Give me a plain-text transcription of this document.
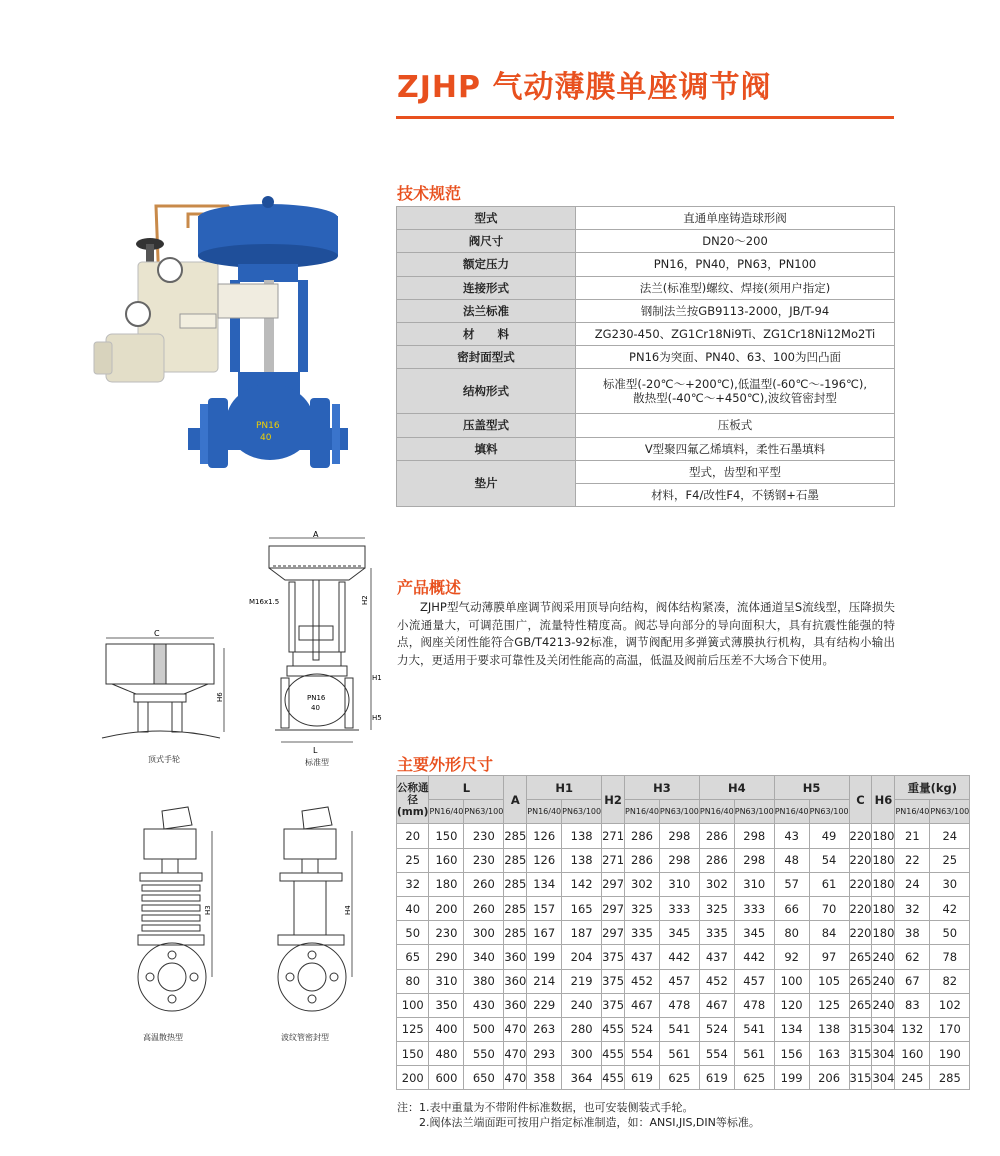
ZJHP 气动薄膜单座调节阀
PN16
40
技术规范
型式	直通单座铸造球形阀
阀尺寸	DN20～200
额定压力	PN16，PN40，PN63，PN100
连接形式	法兰(标准型)螺纹、焊接(须用户指定)
法兰标准	钢制法兰按GB9113-2000，JB/T-94
材　　料	ZG230-450、ZG1Cr18Ni9Ti、ZG1Cr18Ni12Mo2Ti
密封面型式	PN16为突面、PN40、63、100为凹凸面
结构形式	标准型(-20℃～+200℃),低温型(-60℃～-196℃),
散热型(-40℃～+450℃),波纹管密封型

压盖型式	压板式
填料	V型聚四氟乙烯填料，柔性石墨填料
垫片	型式，齿型和平型
	材料，F4/改性F4，不锈钢+石墨
产品概述

ZJHP型气动薄膜单座调节阀采用顶导向结构，阀体结构紧凑，流体通道呈S流线型，压降损失小流通量大，可调范围广，流量特性精度高。阀芯导向部分的导向面积大，具有抗震性能强的特点，阀座关闭性能符合GB/T4213-92标准，调节阀配用多弹簧式薄膜执行机构，具有结构小输出力大，更适用于要求可靠性及关闭性能高的高温，低温及阀前后压差不大场合下使用。

A
L
PN16
40
H2
H1
H5
M16x1.5
标准型
C
H6
顶式手轮
H3
高温散热型
H4
波纹管密封型
主要外形尺寸
公称通径(mm)	L		A	H1		H2	H3		H4		H5		C	H6	重量(kg)	
	PN16/40	PN63/100		PN16/40	PN63/100		PN16/40	PN63/100	PN16/40	PN63/100	PN16/40	PN63/100			PN16/40	PN63/100
20	150	230	285	126	138	271	286	298	286	298	43	49	220	180	21	24
25	160	230	285	126	138	271	286	298	286	298	48	54	220	180	22	25
32	180	260	285	134	142	297	302	310	302	310	57	61	220	180	24	30
40	200	260	285	157	165	297	325	333	325	333	66	70	220	180	32	42
50	230	300	285	167	187	297	335	345	335	345	80	84	220	180	38	50
65	290	340	360	199	204	375	437	442	437	442	92	97	265	240	62	78
80	310	380	360	214	219	375	452	457	452	457	100	105	265	240	67	82
100	350	430	360	229	240	375	467	478	467	478	120	125	265	240	83	102
125	400	500	470	263	280	455	524	541	524	541	134	138	315	304	132	170
150	480	550	470	293	300	455	554	561	554	561	156	163	315	304	160	190
200	600	650	470	358	364	455	619	625	619	625	199	206	315	304	245	285
注：1.表中重量为不带附件标准数据，也可安装侧装式手轮。
2.阀体法兰端面距可按用户指定标准制造，如：ANSI,JIS,DIN等标准。
